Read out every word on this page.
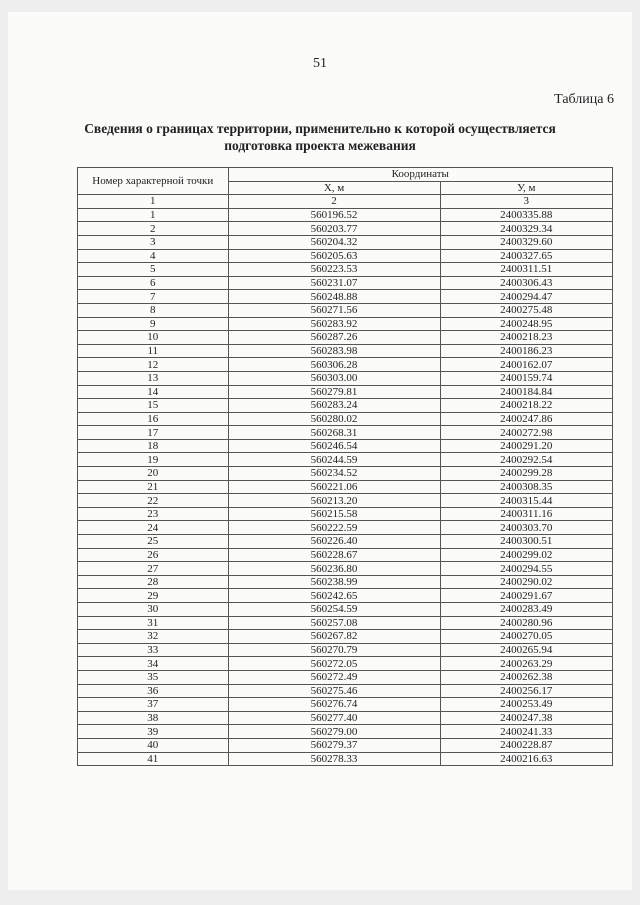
51
Таблица 6
Сведения о границах территории, применительно к которой осуществляется
подготовка проекта межевания
Номер характерной точки	Координаты	
	X, м	У, м
1	2	3
1	560196.52	2400335.88
2	560203.77	2400329.34
3	560204.32	2400329.60
4	560205.63	2400327.65
5	560223.53	2400311.51
6	560231.07	2400306.43
7	560248.88	2400294.47
8	560271.56	2400275.48
9	560283.92	2400248.95
10	560287.26	2400218.23
11	560283.98	2400186.23
12	560306.28	2400162.07
13	560303.00	2400159.74
14	560279.81	2400184.84
15	560283.24	2400218.22
16	560280.02	2400247.86
17	560268.31	2400272.98
18	560246.54	2400291.20
19	560244.59	2400292.54
20	560234.52	2400299.28
21	560221.06	2400308.35
22	560213.20	2400315.44
23	560215.58	2400311.16
24	560222.59	2400303.70
25	560226.40	2400300.51
26	560228.67	2400299.02
27	560236.80	2400294.55
28	560238.99	2400290.02
29	560242.65	2400291.67
30	560254.59	2400283.49
31	560257.08	2400280.96
32	560267.82	2400270.05
33	560270.79	2400265.94
34	560272.05	2400263.29
35	560272.49	2400262.38
36	560275.46	2400256.17
37	560276.74	2400253.49
38	560277.40	2400247.38
39	560279.00	2400241.33
40	560279.37	2400228.87
41	560278.33	2400216.63
